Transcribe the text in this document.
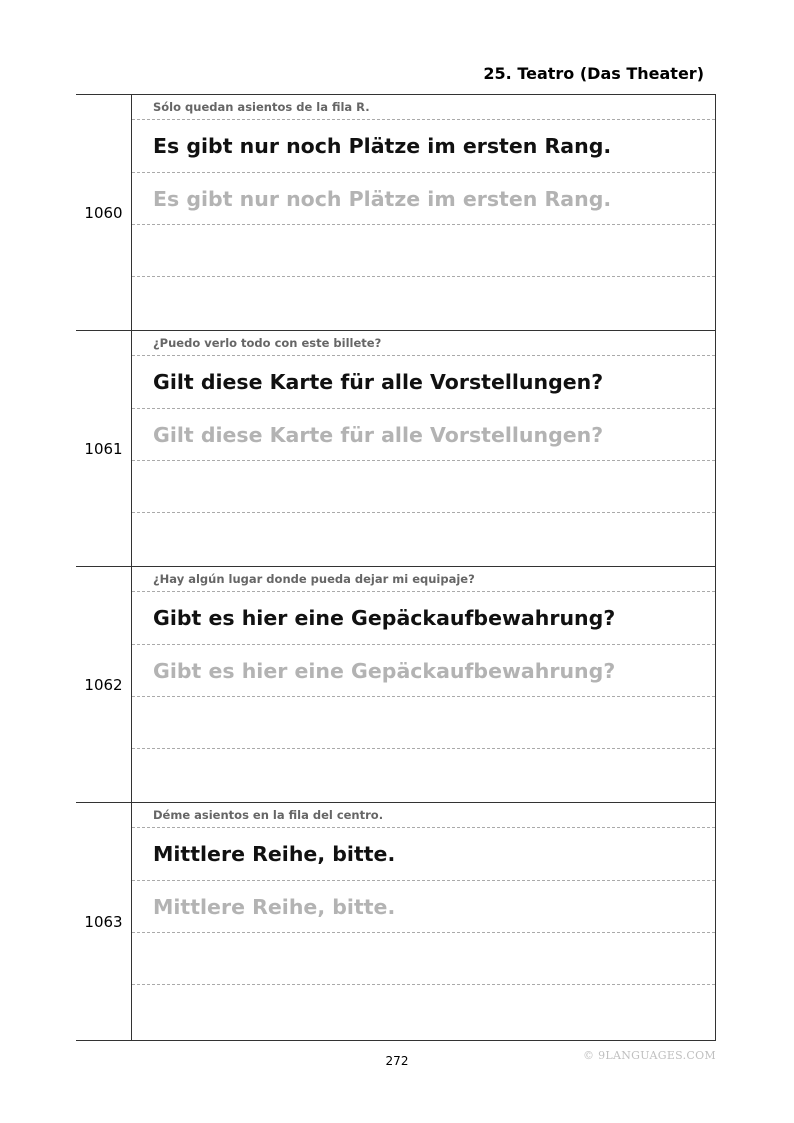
25. Teatro (Das Theater)
1060
Sólo quedan asientos de la fila R.
Es gibt nur noch Plätze im ersten Rang.
Es gibt nur noch Plätze im ersten Rang.
1061
¿Puedo verlo todo con este billete?
Gilt diese Karte für alle Vorstellungen?
Gilt diese Karte für alle Vorstellungen?
1062
¿Hay algún lugar donde pueda dejar mi equipaje?
Gibt es hier eine Gepäckaufbewahrung?
Gibt es hier eine Gepäckaufbewahrung?
1063
Déme asientos en la fila del centro.
Mittlere Reihe, bitte.
Mittlere Reihe, bitte.
272	© 9LANGUAGES.COM
